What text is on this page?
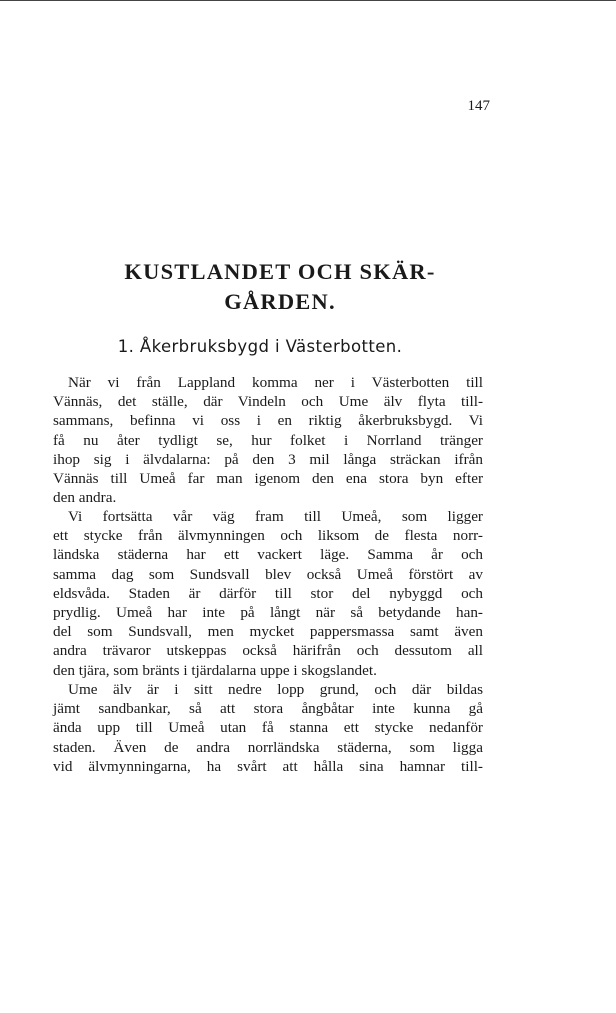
147
KUSTLANDET OCH SKÄR-
GÅRDEN.
1. Åkerbruksbygd i Västerbotten.
När vi från Lappland komma ner i Västerbotten till
Vännäs, det ställe, där Vindeln och Ume älv flyta till-
sammans, befinna vi oss i en riktig åkerbruksbygd. Vi
få nu åter tydligt se, hur folket i Norrland tränger
ihop sig i älvdalarna: på den 3 mil långa sträckan ifrån
Vännäs till Umeå far man igenom den ena stora byn efter
den andra.
Vi fortsätta vår väg fram till Umeå, som ligger
ett stycke från älvmynningen och liksom de flesta norr-
ländska städerna har ett vackert läge. Samma år och
samma dag som Sundsvall blev också Umeå förstört av
eldsvåda. Staden är därför till stor del nybyggd och
prydlig. Umeå har inte på långt när så betydande han-
del som Sundsvall, men mycket pappersmassa samt även
andra trävaror utskeppas också härifrån och dessutom all
den tjära, som bränts i tjärdalarna uppe i skogslandet.
Ume älv är i sitt nedre lopp grund, och där bildas
jämt sandbankar, så att stora ångbåtar inte kunna gå
ända upp till Umeå utan få stanna ett stycke nedanför
staden. Även de andra norrländska städerna, som ligga
vid älvmynningarna, ha svårt att hålla sina hamnar till-
